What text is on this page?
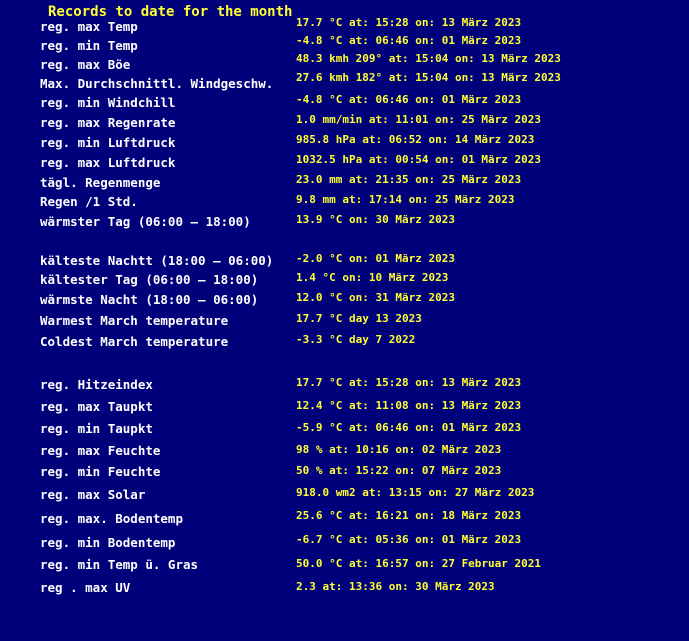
Records to date for the month
reg. max Temp	17.7 °C at: 15:28 on: 13 März 2023
reg. min Temp	-4.8 °C at: 06:46 on: 01 März 2023
reg. max Böe	48.3 kmh 209° at: 15:04 on: 13 März 2023
Max. Durchschnittl. Windgeschw. 27.6 kmh 182° at: 15:04 on: 13 März 2023
reg. min Windchill	-4.8 °C at: 06:46 on: 01 März 2023
reg. max Regenrate	1.0 mm/min at: 11:01 on: 25 März 2023
reg. min Luftdruck	985.8 hPa at: 06:52 on: 14 März 2023
reg. max Luftdruck	1032.5 hPa at: 00:54 on: 01 März 2023
tägl. Regenmenge	23.0 mm at: 21:35 on: 25 März 2023
Regen /1 Std.	9.8 mm at: 17:14 on: 25 März 2023
wärmster Tag (06:00 – 18:00)	13.9 °C on: 30 März 2023
kälteste Nachtt (18:00 – 06:00) -2.0 °C on: 01 März 2023
kältester Tag (06:00 – 18:00)	1.4 °C on: 10 März 2023
wärmste Nacht (18:00 – 06:00)	12.0 °C on: 31 März 2023
Warmest March temperature	17.7 °C day 13 2023
Coldest March temperature	-3.3 °C day 7 2022
reg. Hitzeindex	17.7 °C at: 15:28 on: 13 März 2023
reg. max Taupkt	12.4 °C at: 11:08 on: 13 März 2023
reg. min Taupkt	-5.9 °C at: 06:46 on: 01 März 2023
reg. max Feuchte	98 % at: 10:16 on: 02 März 2023
reg. min Feuchte	50 % at: 15:22 on: 07 März 2023
reg. max Solar	918.0 wm2 at: 13:15 on: 27 März 2023
reg. max. Bodentemp	25.6 °C at: 16:21 on: 18 März 2023
reg. min Bodentemp	-6.7 °C at: 05:36 on: 01 März 2023
reg. min Temp ü. Gras	50.0 °C at: 16:57 on: 27 Februar 2021
reg . max UV	2.3 at: 13:36 on: 30 März 2023
